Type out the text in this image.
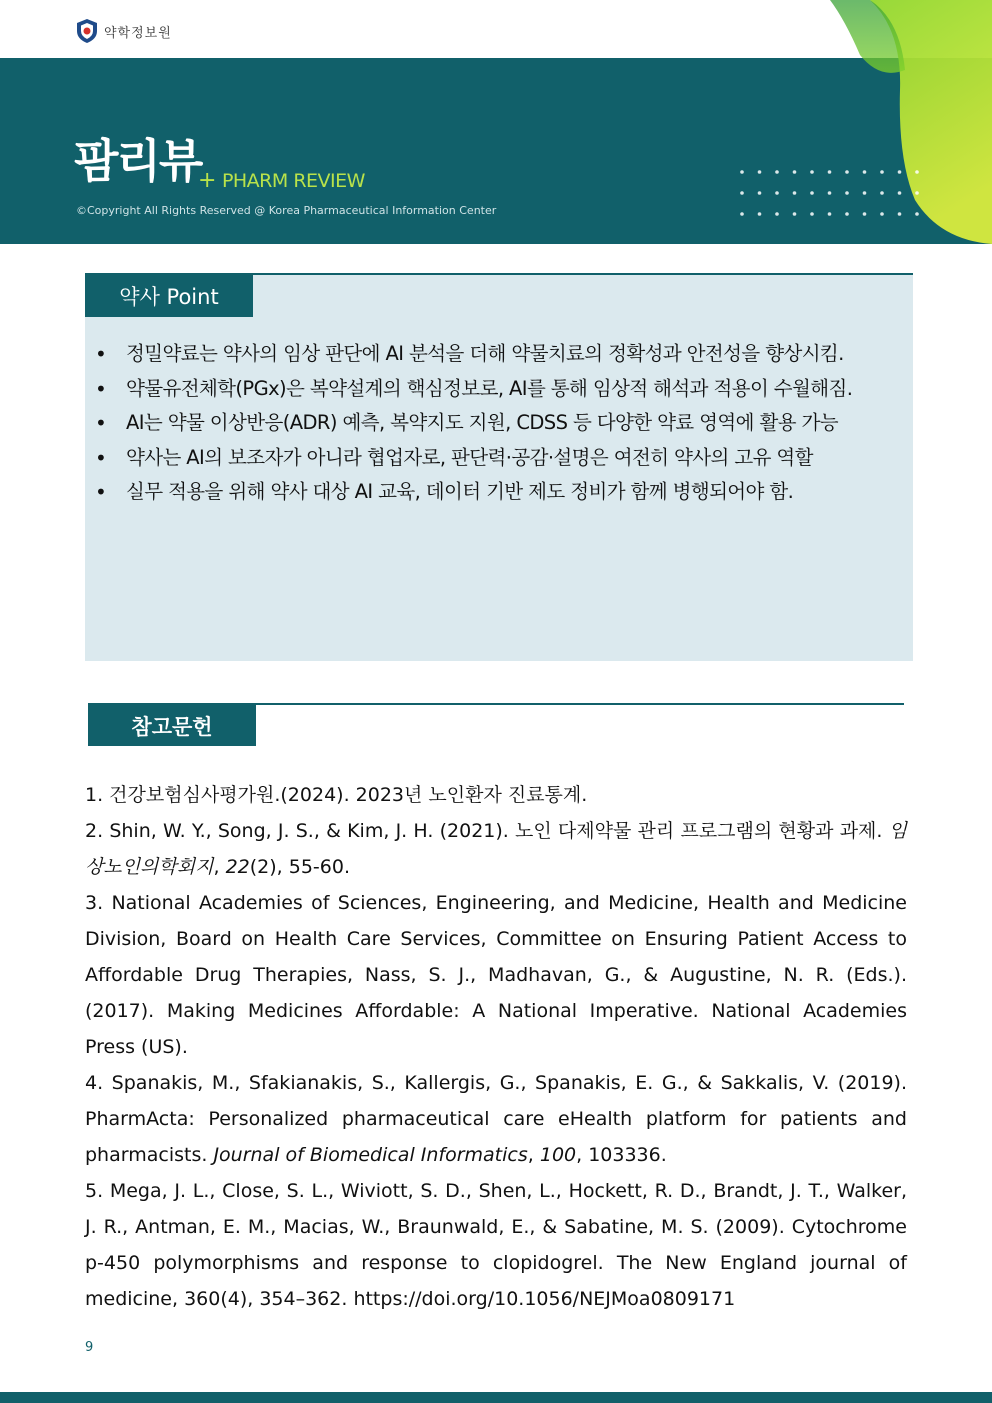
약학정보원
팜리뷰
+ PHARM REVIEW
©Copyright All Rights Reserved @ Korea Pharmaceutical Information Center
약사 Point
• 정밀약료는 약사의 임상 판단에 AI 분석을 더해 약물치료의 정확성과 안전성을 향상시킴.
• 약물유전체학(PGx)은 복약설계의 핵심정보로, AI를 통해 임상적 해석과 적용이 수월해짐.
• AI는 약물 이상반응(ADR) 예측, 복약지도 지원, CDSS 등 다양한 약료 영역에 활용 가능
• 약사는 AI의 보조자가 아니라 협업자로, 판단력·공감·설명은 여전히 약사의 고유 역할
• 실무 적용을 위해 약사 대상 AI 교육, 데이터 기반 제도 정비가 함께 병행되어야 함.
참고문헌

1. 건강보험심사평가원.(2024). 2023년 노인환자 진료통계.

2. Shin, W. Y., Song, J. S., & Kim, J. H. (2021). 노인 다제약물 관리 프로그램의 현황과 과제. 임상노인의학회지, 22(2), 55-60.

3. National Academies of Sciences, Engineering, and Medicine, Health and Medicine Division, Board on Health Care Services, Committee on Ensuring Patient Access to Affordable Drug Therapies, Nass, S. J., Madhavan, G., & Augustine, N. R. (Eds.). (2017). Making Medicines Affordable: A National Imperative. National Academies Press (US).

4. Spanakis, M., Sfakianakis, S., Kallergis, G., Spanakis, E. G., & Sakkalis, V. (2019). PharmActa: Personalized pharmaceutical care eHealth platform for patients and pharmacists. Journal of Biomedical Informatics, 100, 103336.

5. Mega, J. L., Close, S. L., Wiviott, S. D., Shen, L., Hockett, R. D., Brandt, J. T., Walker, J. R., Antman, E. M., Macias, W., Braunwald, E., & Sabatine, M. S. (2009). Cytochrome p-450 polymorphisms and response to clopidogrel. The New England journal of medicine, 360(4), 354–362. https://doi.org/10.1056/NEJMoa0809171

9
